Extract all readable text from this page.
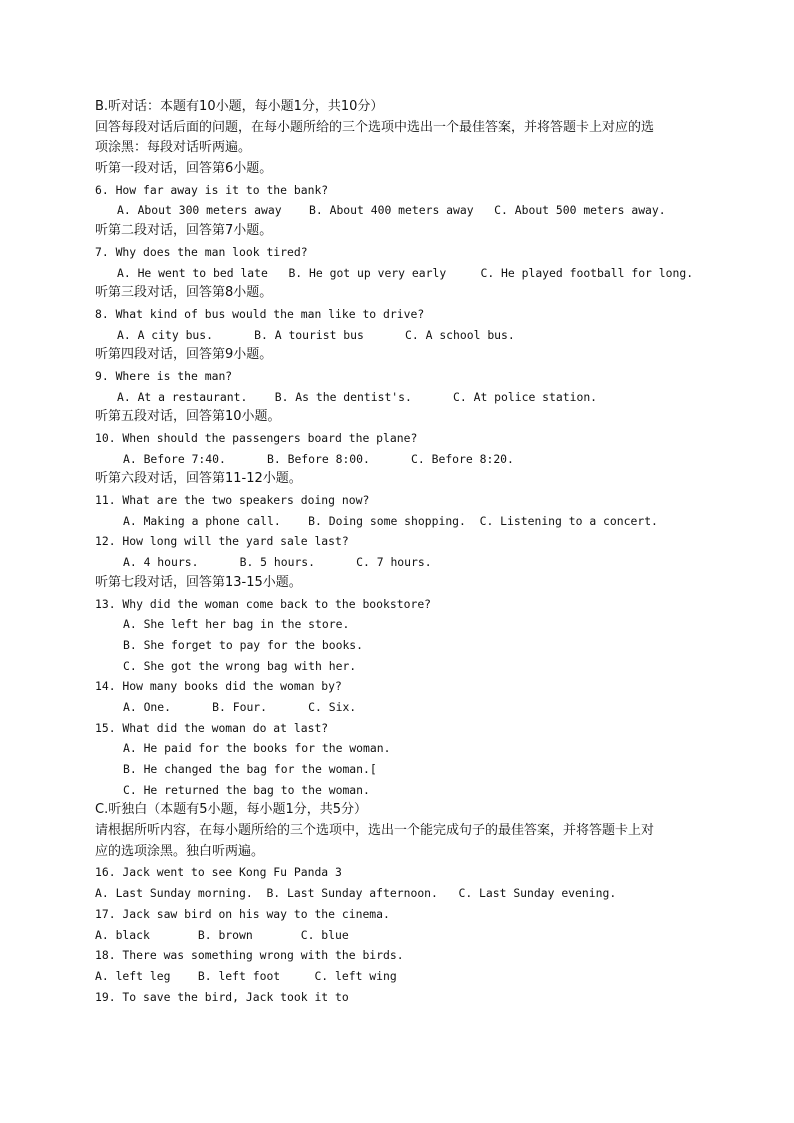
B.听对话：本题有10小题，每小题1分，共10分）
回答每段对话后面的问题，在每小题所给的三个选项中选出一个最佳答案，并将答题卡上对应的选
项涂黑：每段对话听两遍。
听第一段对话，回答第6小题。
6. How far away is it to the bank?
A. About 300 meters away    B. About 400 meters away   C. About 500 meters away.
听第二段对话，回答第7小题。
7. Why does the man look tired?
A. He went to bed late   B. He got up very early     C. He played football for long.
听第三段对话，回答第8小题。
8. What kind of bus would the man like to drive?
A. A city bus.      B. A tourist bus      C. A school bus.
听第四段对话，回答第9小题。
9. Where is the man?
A. At a restaurant.    B. As the dentist's.      C. At police station.
听第五段对话，回答第10小题。
10. When should the passengers board the plane?
A. Before 7:40.      B. Before 8:00.      C. Before 8:20.
听第六段对话，回答第11-12小题。
11. What are the two speakers doing now?
A. Making a phone call.    B. Doing some shopping.  C. Listening to a concert.
12. How long will the yard sale last?
A. 4 hours.      B. 5 hours.      C. 7 hours.
听第七段对话，回答第13-15小题。
13. Why did the woman come back to the bookstore?
A. She left her bag in the store.
B. She forget to pay for the books.
C. She got the wrong bag with her.
14. How many books did the woman by?
A. One.      B. Four.      C. Six.
15. What did the woman do at last?
A. He paid for the books for the woman.
B. He changed the bag for the woman.[
C. He returned the bag to the woman.
C.听独白（本题有5小题，每小题1分，共5分）
请根据所听内容，在每小题所给的三个选项中，选出一个能完成句子的最佳答案，并将答题卡上对
应的选项涂黑。独白听两遍。
16. Jack went to see Kong Fu Panda 3
A. Last Sunday morning.  B. Last Sunday afternoon.   C. Last Sunday evening.
17. Jack saw bird on his way to the cinema.
A. black       B. brown       C. blue
18. There was something wrong with the birds.
A. left leg    B. left foot     C. left wing
19. To save the bird, Jack took it to
